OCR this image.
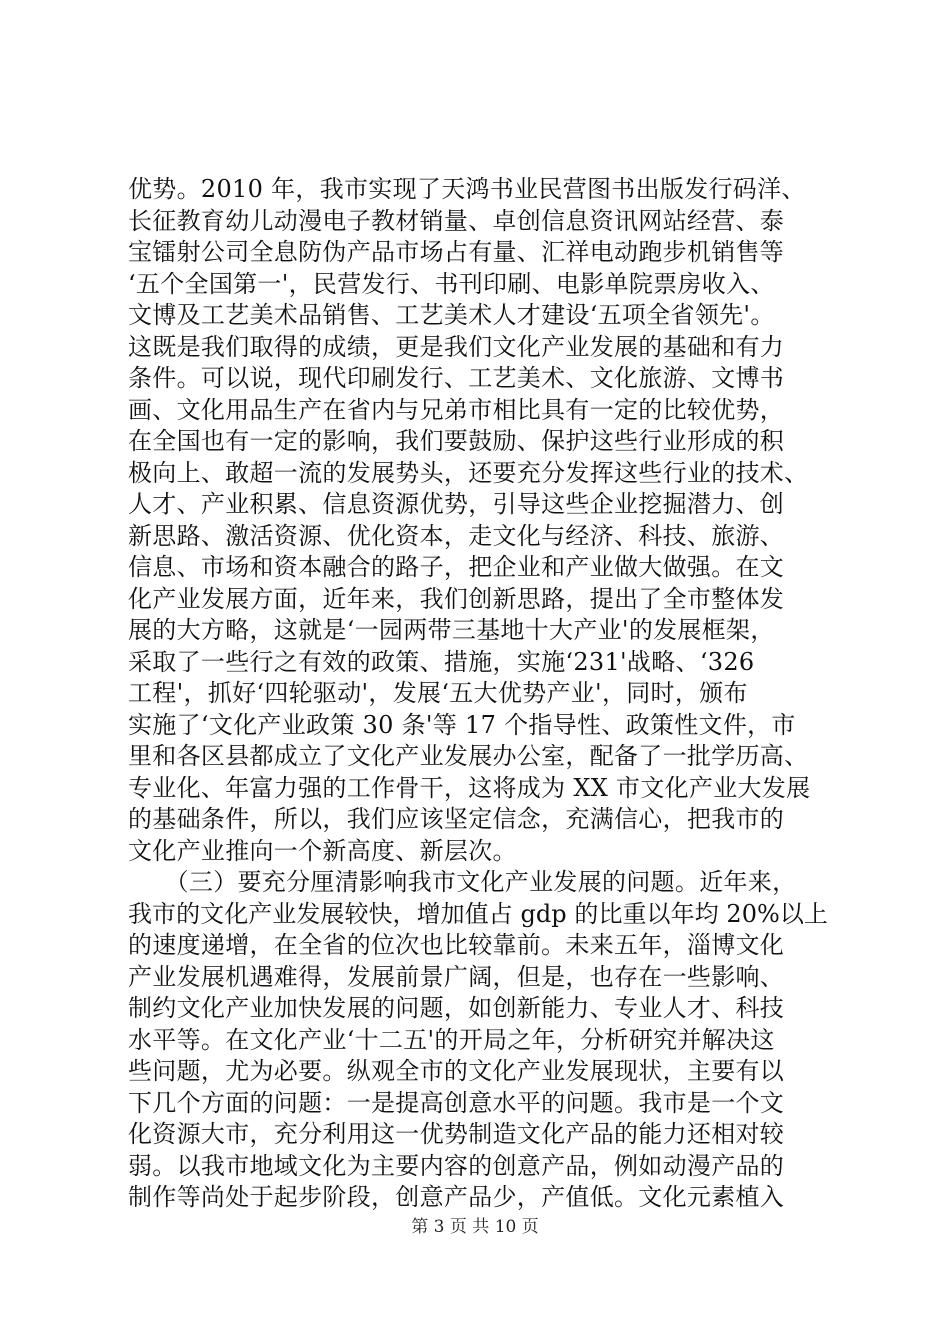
优势。2010 年，我市实现了天鸿书业民营图书出版发行码洋、
长征教育幼儿动漫电子教材销量、卓创信息资讯网站经营、泰
宝镭射公司全息防伪产品市场占有量、汇祥电动跑步机销售等
‘五个全国第一'，民营发行、书刊印刷、电影单院票房收入、
文博及工艺美术品销售、工艺美术人才建设‘五项全省领先'。
这既是我们取得的成绩，更是我们文化产业发展的基础和有力
条件。可以说，现代印刷发行、工艺美术、文化旅游、文博书
画、文化用品生产在省内与兄弟市相比具有一定的比较优势，
在全国也有一定的影响，我们要鼓励、保护这些行业形成的积
极向上、敢超一流的发展势头，还要充分发挥这些行业的技术、
人才、产业积累、信息资源优势，引导这些企业挖掘潜力、创
新思路、激活资源、优化资本，走文化与经济、科技、旅游、
信息、市场和资本融合的路子，把企业和产业做大做强。在文
化产业发展方面，近年来，我们创新思路，提出了全市整体发
展的大方略，这就是‘一园两带三基地十大产业'的发展框架，
采取了一些行之有效的政策、措施，实施‘231'战略、‘326
工程'，抓好‘四轮驱动'，发展‘五大优势产业'，同时，颁布
实施了‘文化产业政策 30 条'等 17 个指导性、政策性文件，市
里和各区县都成立了文化产业发展办公室，配备了一批学历高、
专业化、年富力强的工作骨干，这将成为 XX 市文化产业大发展
的基础条件，所以，我们应该坚定信念，充满信心，把我市的
文化产业推向一个新高度、新层次。
　　（三）要充分厘清影响我市文化产业发展的问题。近年来，
我市的文化产业发展较快，增加值占 gdp 的比重以年均 20%以上
的速度递增，在全省的位次也比较靠前。未来五年，淄博文化
产业发展机遇难得，发展前景广阔，但是，也存在一些影响、
制约文化产业加快发展的问题，如创新能力、专业人才、科技
水平等。在文化产业‘十二五'的开局之年，分析研究并解决这
些问题，尤为必要。纵观全市的文化产业发展现状，主要有以
下几个方面的问题：一是提高创意水平的问题。我市是一个文
化资源大市，充分利用这一优势制造文化产品的能力还相对较
弱。以我市地域文化为主要内容的创意产品，例如动漫产品的
制作等尚处于起步阶段，创意产品少，产值低。文化元素植入
第 3 页 共 10 页
